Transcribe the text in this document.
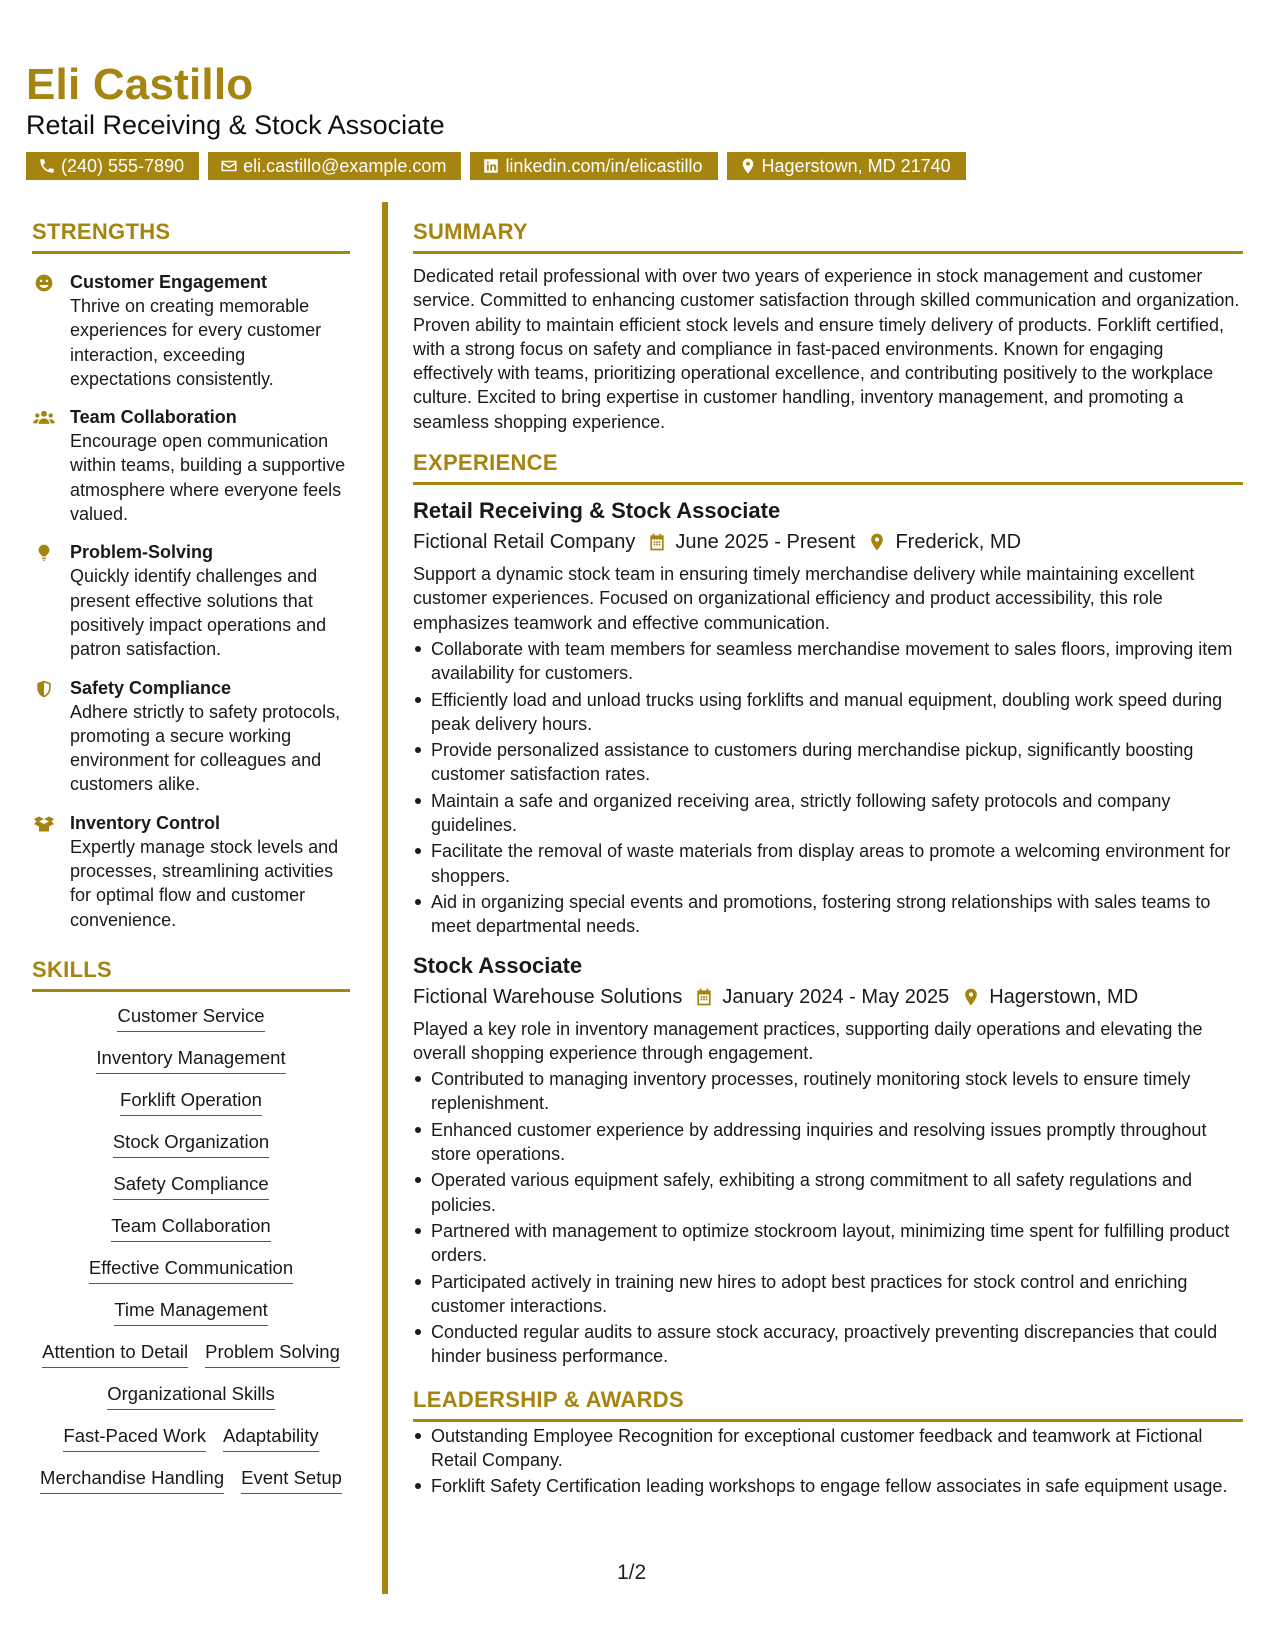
Eli Castillo
Retail Receiving & Stock Associate
(240) 555-7890	eli.castillo@example.com	linkedin.com/in/elicastillo	Hagerstown, MD 21740
STRENGTHS
Customer Engagement
Thrive on creating memorable experiences for every customer interaction, exceeding expectations consistently.
Team Collaboration
Encourage open communication within teams, building a supportive atmosphere where everyone feels valued.
Problem-Solving
Quickly identify challenges and present effective solutions that positively impact operations and patron satisfaction.
Safety Compliance
Adhere strictly to safety protocols, promoting a secure working environment for colleagues and customers alike.
Inventory Control
Expertly manage stock levels and processes, streamlining activities for optimal flow and customer convenience.
SKILLS
Customer Service
Inventory Management
Forklift Operation
Stock Organization
Safety Compliance
Team Collaboration
Effective Communication
Time Management
Attention to Detail Problem Solving
Organizational Skills
Fast-Paced Work Adaptability
Merchandise Handling Event Setup
SUMMARY
Dedicated retail professional with over two years of experience in stock management and customer service. Committed to enhancing customer satisfaction through skilled communication and organization. Proven ability to maintain efficient stock levels and ensure timely delivery of products. Forklift certified, with a strong focus on safety and compliance in fast-paced environments. Known for engaging effectively with teams, prioritizing operational excellence, and contributing positively to the workplace culture. Excited to bring expertise in customer handling, inventory management, and promoting a seamless shopping experience.
EXPERIENCE
Retail Receiving & Stock Associate
Fictional Retail Company June 2025 - Present Frederick, MD
Support a dynamic stock team in ensuring timely merchandise delivery while maintaining excellent customer experiences. Focused on organizational efficiency and product accessibility, this role emphasizes teamwork and effective communication.
Collaborate with team members for seamless merchandise movement to sales floors, improving item availability for customers.
Efficiently load and unload trucks using forklifts and manual equipment, doubling work speed during peak delivery hours.
Provide personalized assistance to customers during merchandise pickup, significantly boosting customer satisfaction rates.
Maintain a safe and organized receiving area, strictly following safety protocols and company guidelines.
Facilitate the removal of waste materials from display areas to promote a welcoming environment for shoppers.
Aid in organizing special events and promotions, fostering strong relationships with sales teams to meet departmental needs.
Stock Associate
Fictional Warehouse Solutions January 2024 - May 2025 Hagerstown, MD
Played a key role in inventory management practices, supporting daily operations and elevating the overall shopping experience through engagement.
Contributed to managing inventory processes, routinely monitoring stock levels to ensure timely replenishment.
Enhanced customer experience by addressing inquiries and resolving issues promptly throughout store operations.
Operated various equipment safely, exhibiting a strong commitment to all safety regulations and policies.
Partnered with management to optimize stockroom layout, minimizing time spent for fulfilling product orders.
Participated actively in training new hires to adopt best practices for stock control and enriching customer interactions.
Conducted regular audits to assure stock accuracy, proactively preventing discrepancies that could hinder business performance.
LEADERSHIP & AWARDS
Outstanding Employee Recognition for exceptional customer feedback and teamwork at Fictional Retail Company.
Forklift Safety Certification leading workshops to engage fellow associates in safe equipment usage.
1/2
